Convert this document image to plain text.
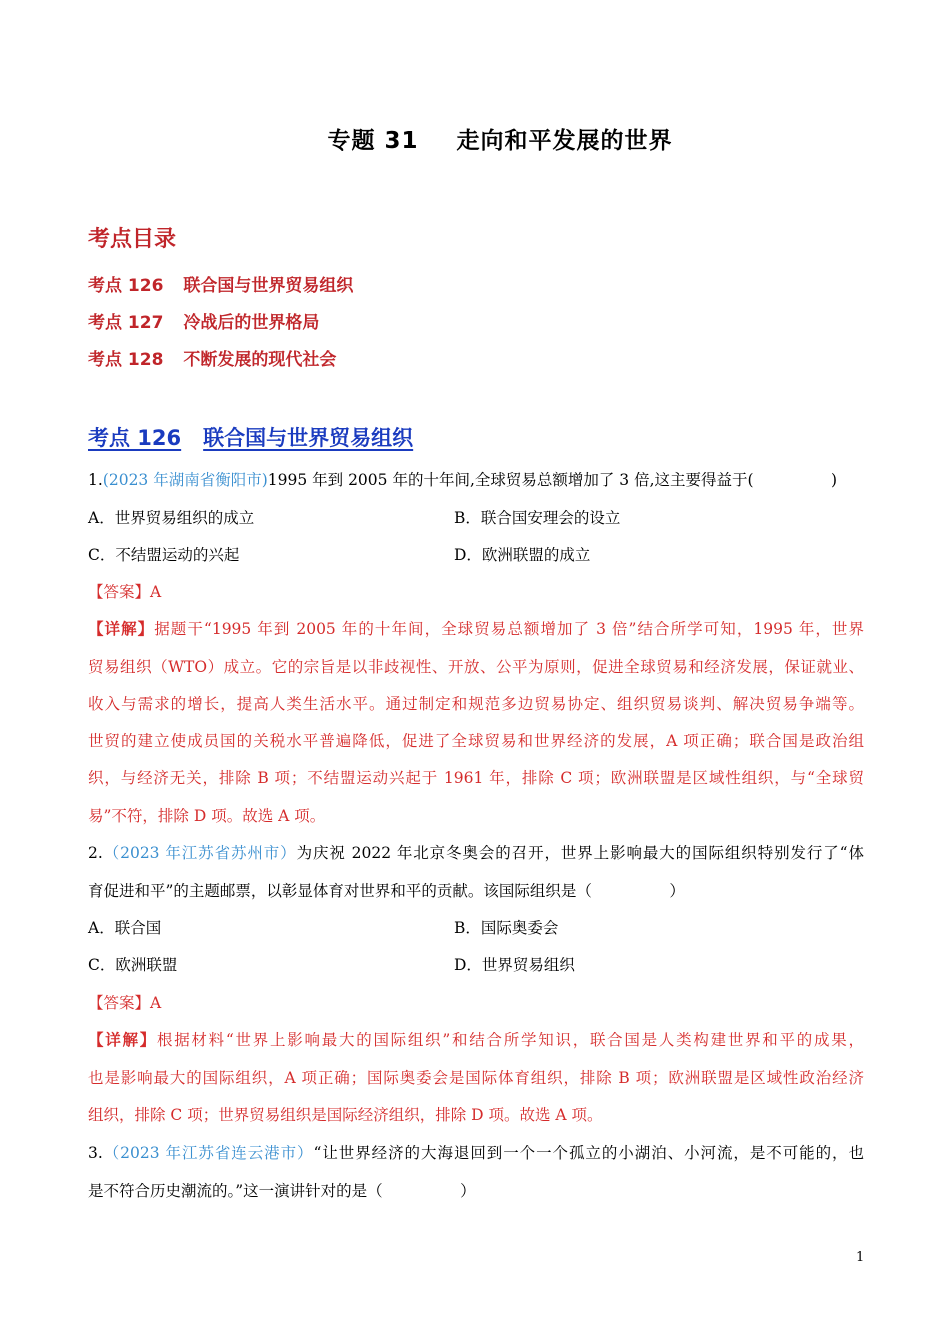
专题 31 走向和平发展的世界
考点目录
考点 126 联合国与世界贸易组织
考点 127 冷战后的世界格局
考点 128 不断发展的现代社会
考点 126 联合国与世界贸易组织
1.(2023 年湖南省衡阳市)1995 年到 2005 年的十年间,全球贸易总额增加了 3 倍,这主要得益于(　　　　　)
A．世界贸易组织的成立	B．联合国安理会的设立
C．不结盟运动的兴起	D．欧洲联盟的成立
【答案】A
【详解】据题干“1995 年到 2005 年的十年间，全球贸易总额增加了 3 倍”结合所学可知，1995 年，世界
贸易组织（WTO）成立。它的宗旨是以非歧视性、开放、公平为原则，促进全球贸易和经济发展，保证就业、
收入与需求的增长，提高人类生活水平。通过制定和规范多边贸易协定、组织贸易谈判、解决贸易争端等。
世贸的建立使成员国的关税水平普遍降低，促进了全球贸易和世界经济的发展，A 项正确；联合国是政治组
织，与经济无关，排除 B 项；不结盟运动兴起于 1961 年，排除 C 项；欧洲联盟是区域性组织，与“全球贸
易”不符，排除 D 项。故选 A 项。
2.（2023 年江苏省苏州市）为庆祝 2022 年北京冬奥会的召开，世界上影响最大的国际组织特别发行了“体
育促进和平”的主题邮票，以彰显体育对世界和平的贡献。该国际组织是（　　　　　）
A．联合国	B．国际奥委会
C．欧洲联盟	D．世界贸易组织
【答案】A
【详解】根据材料“世界上影响最大的国际组织”和结合所学知识，联合国是人类构建世界和平的成果，
也是影响最大的国际组织，A 项正确；国际奥委会是国际体育组织，排除 B 项；欧洲联盟是区域性政治经济
组织，排除 C 项；世界贸易组织是国际经济组织，排除 D 项。故选 A 项。
3.（2023 年江苏省连云港市）“让世界经济的大海退回到一个一个孤立的小湖泊、小河流，是不可能的，也
是不符合历史潮流的。”这一演讲针对的是（　　　　　）
1
